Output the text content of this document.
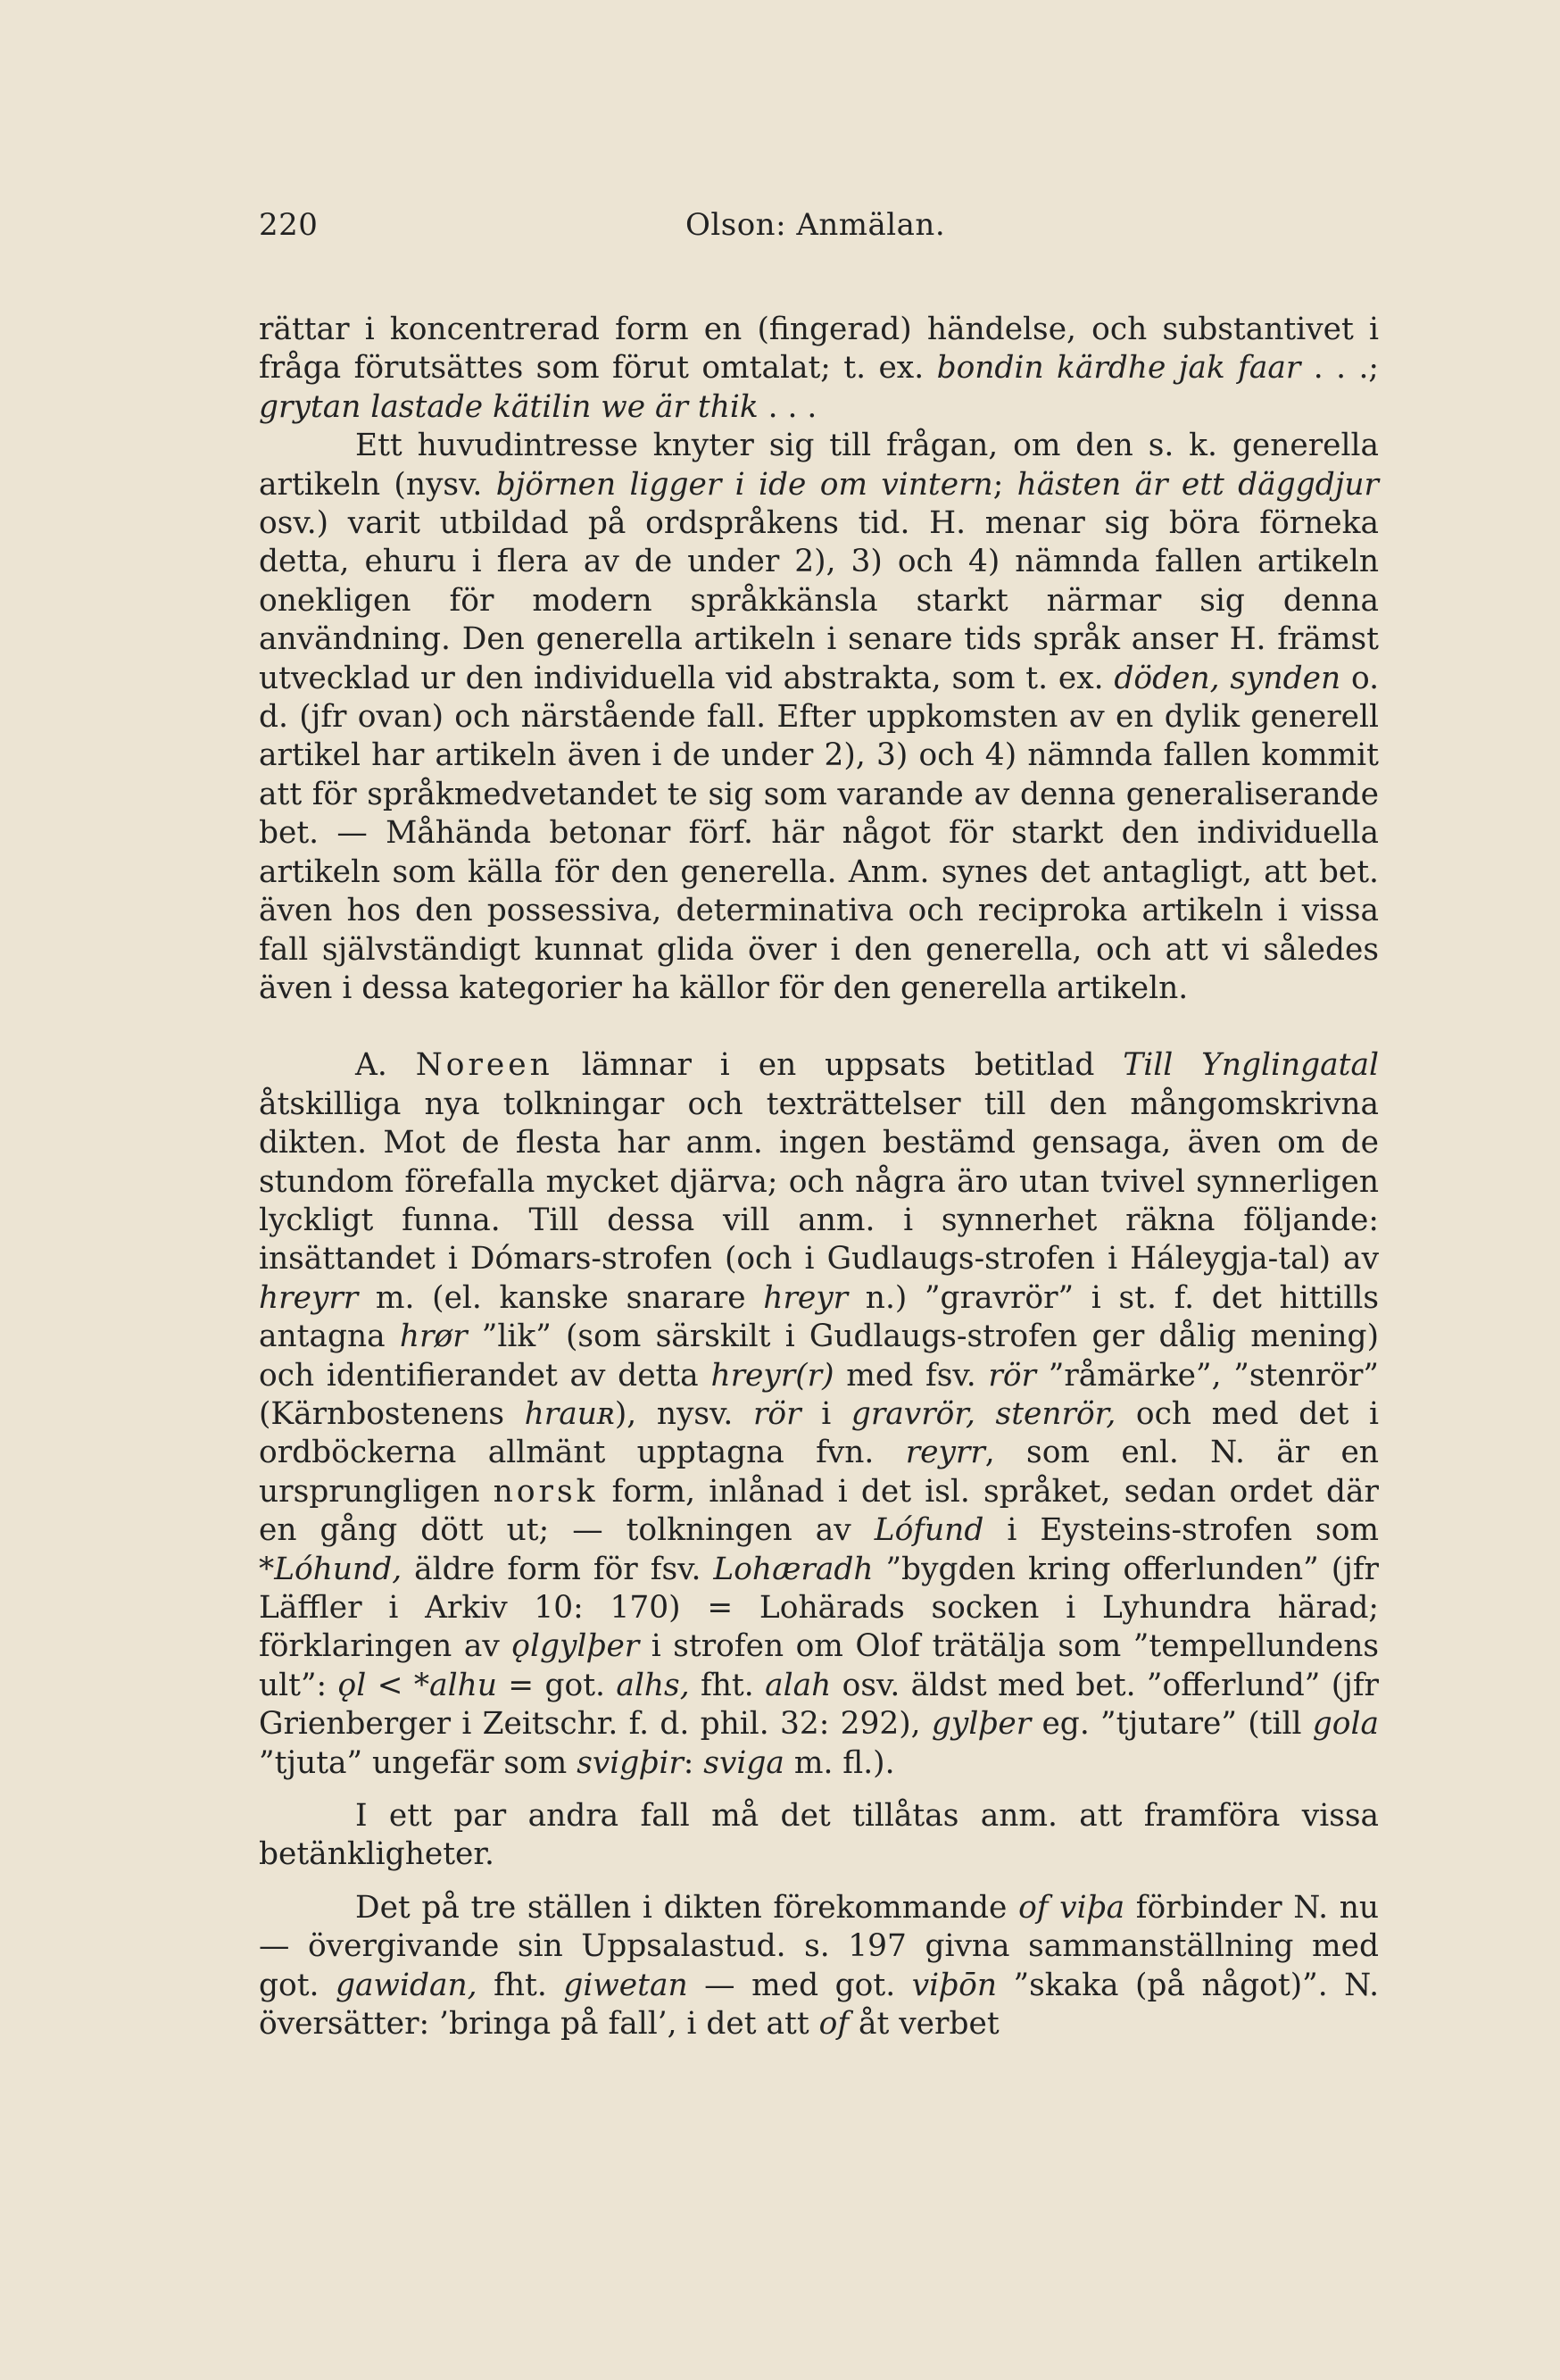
220	Olson: Anmälan.

rättar i koncentrerad form en (fingerad) händelse, och substantivet i fråga förutsättes som förut omtalat; t. ex. bondin kärdhe jak faar . . .; grytan lastade kätilin we är thik . . .

Ett huvudintresse knyter sig till frågan, om den s. k. generella artikeln (nysv. björnen ligger i ide om vintern; hästen är ett däggdjur osv.) varit utbildad på ordspråkens tid. H. menar sig böra förneka detta, ehuru i flera av de under 2), 3) och 4) nämnda fallen artikeln onekligen för modern språkkänsla starkt närmar sig denna användning. Den generella artikeln i senare tids språk anser H. främst utvecklad ur den individuella vid abstrakta, som t. ex. döden, synden o. d. (jfr ovan) och närstående fall. Efter uppkomsten av en dylik generell artikel har artikeln även i de under 2), 3) och 4) nämnda fallen kommit att för språkmedvetandet te sig som varande av denna generaliserande bet. — Måhända betonar förf. här något för starkt den individuella artikeln som källa för den generella. Anm. synes det antagligt, att bet. även hos den possessiva, determinativa och reciproka artikeln i vissa fall självständigt kunnat glida över i den generella, och att vi således även i dessa kategorier ha källor för den generella artikeln.

A. Noreen lämnar i en uppsats betitlad Till Ynglingatal åtskilliga nya tolkningar och texträttelser till den mångomskrivna dikten. Mot de flesta har anm. ingen bestämd gensaga, även om de stundom förefalla mycket djärva; och några äro utan tvivel synnerligen lyckligt funna. Till dessa vill anm. i synnerhet räkna följande: insättandet i Dómars-strofen (och i Gudlaugs-strofen i Háleygja-tal) av hreyrr m. (el. kanske snarare hreyr n.) ”gravrör” i st. f. det hittills antagna hrør ”lik” (som särskilt i Gudlaugs-strofen ger dålig mening) och identifierandet av detta hreyr(r) med fsv. rör ”råmärke”, ”stenrör” (Kärnbostenens hrauʀ), nysv. rör i gravrör, stenrör, och med det i ordböckerna allmänt upptagna fvn. reyrr, som enl. N. är en ursprungligen norsk form, inlånad i det isl. språket, sedan ordet där en gång dött ut; — tolkningen av Lófund i Eysteins-strofen som *Lóhund, äldre form för fsv. Lohæradh ”bygden kring offerlunden” (jfr Läffler i Arkiv 10: 170) = Lohärads socken i Lyhundra härad; förklaringen av ǫlgylþer i strofen om Olof trätälja som ”tempellundens ult”: ǫl < *alhu = got. alhs, fht. alah osv. äldst med bet. ”offerlund” (jfr Grienberger i Zeitschr. f. d. phil. 32: 292), gylþer eg. ”tjutare” (till gola ”tjuta” ungefär som svigþir: sviga m. fl.).

I ett par andra fall må det tillåtas anm. att framföra vissa betänkligheter.

Det på tre ställen i dikten förekommande of viþa förbinder N. nu — övergivande sin Uppsalastud. s. 197 givna sammanställning med got. gawidan, fht. giwetan — med got. viþōn ”skaka (på något)”. N. översätter: ’bringa på fall’, i det att of åt verbet
